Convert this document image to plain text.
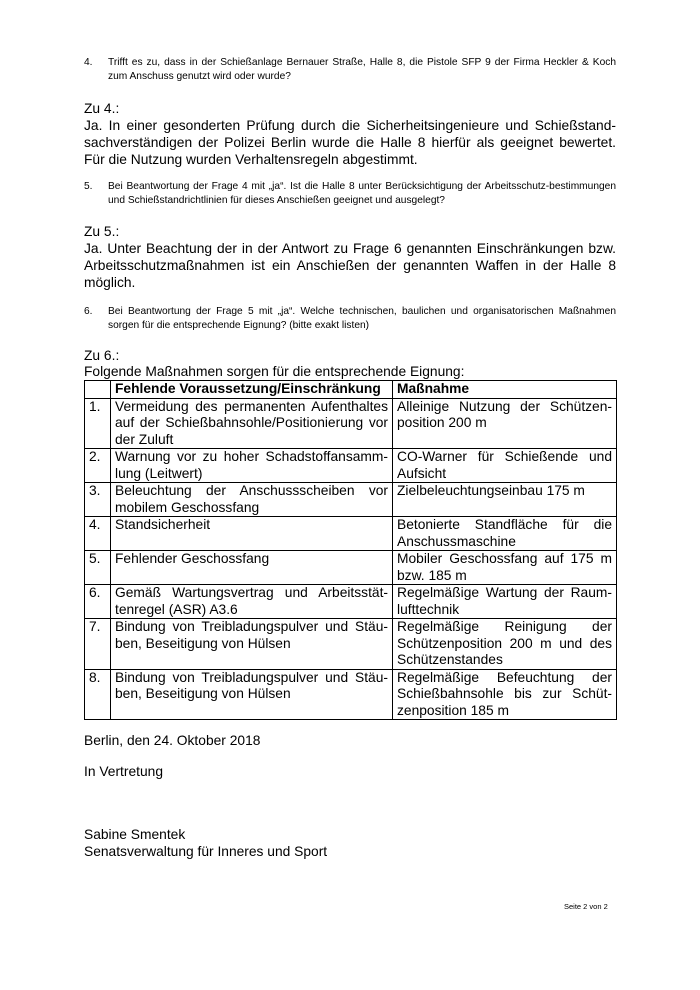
4. Trifft es zu, dass in der Schießanlage Bernauer Straße, Halle 8, die Pistole SFP 9 der Firma Heckler & Koch zum Anschuss genutzt wird oder wurde?
Zu 4.:
Ja. In einer gesonderten Prüfung durch die Sicherheitsingenieure und Schießstand-sachverständigen der Polizei Berlin wurde die Halle 8 hierfür als geeignet bewertet. Für die Nutzung wurden Verhaltensregeln abgestimmt.
5. Bei Beantwortung der Frage 4 mit „ja“. Ist die Halle 8 unter Berücksichtigung der Arbeitsschutz-bestimmungen und Schießstandrichtlinien für dieses Anschießen geeignet und ausgelegt?
Zu 5.:
Ja. Unter Beachtung der in der Antwort zu Frage 6 genannten Einschränkungen bzw. Arbeitsschutzmaßnahmen ist ein Anschießen der genannten Waffen in der Halle 8 möglich.
6. Bei Beantwortung der Frage 5 mit „ja“. Welche technischen, baulichen und organisatorischen Maßnahmen sorgen für die entsprechende Eignung? (bitte exakt listen)
Zu 6.:
Folgende Maßnahmen sorgen für die entsprechende Eignung:
	Fehlende Voraussetzung/Einschränkung	Maßnahme
1.	Vermeidung des permanenten Aufenthaltes auf der Schießbahnsohle/Positionierung vor der Zuluft	Alleinige Nutzung der Schützen-position 200 m
2.	Warnung vor zu hoher Schadstoffansamm-lung (Leitwert)	CO-Warner für Schießende und Aufsicht
3.	Beleuchtung der Anschussscheiben vor mobilem Geschossfang	Zielbeleuchtungseinbau 175 m
4.	Standsicherheit	Betonierte Standfläche für die Anschussmaschine
5.	Fehlender Geschossfang	Mobiler Geschossfang auf 175 m bzw. 185 m
6.	Gemäß Wartungsvertrag und Arbeitsstät-tenregel (ASR) A3.6	Regelmäßige Wartung der Raum-lufttechnik
7.	Bindung von Treibladungspulver und Stäu-ben, Beseitigung von Hülsen	Regelmäßige Reinigung der Schützenposition 200 m und des Schützenstandes
8.	Bindung von Treibladungspulver und Stäu-ben, Beseitigung von Hülsen	Regelmäßige Befeuchtung der Schießbahnsohle bis zur Schüt-zenposition 185 m
Berlin, den 24. Oktober 2018
In Vertretung
Sabine Smentek
Senatsverwaltung für Inneres und Sport
Seite 2 von 2
